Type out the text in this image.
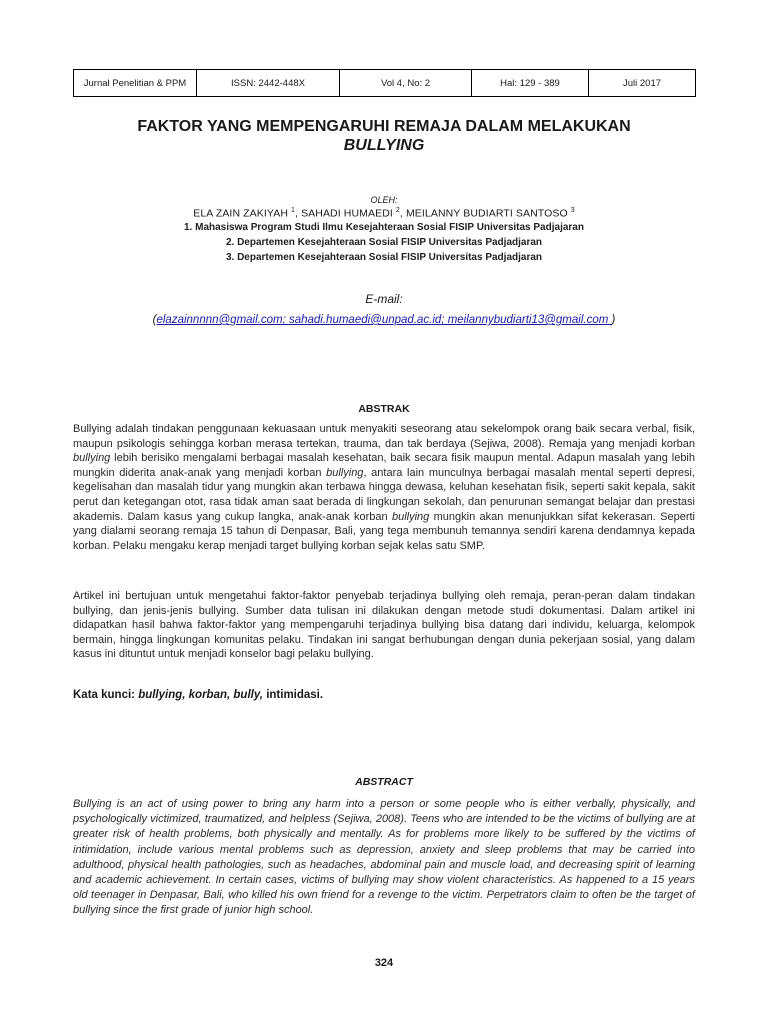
Jurnal Penelitian & PPM	ISSN: 2442-448X	Vol 4, No: 2	Hal: 129 - 389	Juli 2017
FAKTOR YANG MEMPENGARUHI REMAJA DALAM MELAKUKAN
BULLYING
OLEH:
ELA ZAIN ZAKIYAH $^1$, SAHADI HUMAEDI $^2$, MEILANNY BUDIARTI SANTOSO $^3$
1. Mahasiswa Program Studi Ilmu Kesejahteraan Sosial FISIP Universitas Padjajaran
2. Departemen Kesejahteraan Sosial FISIP Universitas Padjadjaran
3. Departemen Kesejahteraan Sosial FISIP Universitas Padjadjaran
E-mail:
(elazainnnnn@gmail.com; sahadi.humaedi@unpad.ac.id; meilannybudiarti13@gmail.com )
ABSTRAK
Bullying adalah tindakan penggunaan kekuasaan untuk menyakiti seseorang atau sekelompok orang baik secara verbal, fisik, maupun psikologis sehingga korban merasa tertekan, trauma, dan tak berdaya (Sejiwa, 2008). Remaja yang menjadi korban bullying lebih berisiko mengalami berbagai masalah kesehatan, baik secara fisik maupun mental. Adapun masalah yang lebih mungkin diderita anak-anak yang menjadi korban bullying, antara lain munculnya berbagai masalah mental seperti depresi, kegelisahan dan masalah tidur yang mungkin akan terbawa hingga dewasa, keluhan kesehatan fisik, seperti sakit kepala, sakit perut dan ketegangan otot, rasa tidak aman saat berada di lingkungan sekolah, dan penurunan semangat belajar dan prestasi akademis. Dalam kasus yang cukup langka, anak-anak korban bullying mungkin akan menunjukkan sifat kekerasan. Seperti yang dialami seorang remaja 15 tahun di Denpasar, Bali, yang tega membunuh temannya sendiri karena dendamnya kepada korban. Pelaku mengaku kerap menjadi target bullying korban sejak kelas satu SMP.
Artikel ini bertujuan untuk mengetahui faktor-faktor penyebab terjadinya bullying oleh remaja, peran-peran dalam tindakan bullying, dan jenis-jenis bullying. Sumber data tulisan ini dilakukan dengan metode studi dokumentasi. Dalam artikel ini didapatkan hasil bahwa faktor-faktor yang mempengaruhi terjadinya bullying bisa datang dari individu, keluarga, kelompok bermain, hingga lingkungan komunitas pelaku. Tindakan ini sangat berhubungan dengan dunia pekerjaan sosial, yang dalam kasus ini dituntut untuk menjadi konselor bagi pelaku bullying.
Kata kunci: bullying, korban, bully, intimidasi.
ABSTRACT
Bullying is an act of using power to bring any harm into a person or some people who is either verbally, physically, and psychologically victimized, traumatized, and helpless (Sejiwa, 2008). Teens who are intended to be the victims of bullying are at greater risk of health problems, both physically and mentally. As for problems more likely to be suffered by the victims of intimidation, include various mental problems such as depression, anxiety and sleep problems that may be carried into adulthood, physical health pathologies, such as headaches, abdominal pain and muscle load, and decreasing spirit of learning and academic achievement. In certain cases, victims of bullying may show violent characteristics. As happened to a 15 years old teenager in Denpasar, Bali, who killed his own friend for a revenge to the victim. Perpetrators claim to often be the target of bullying since the first grade of junior high school.
324
